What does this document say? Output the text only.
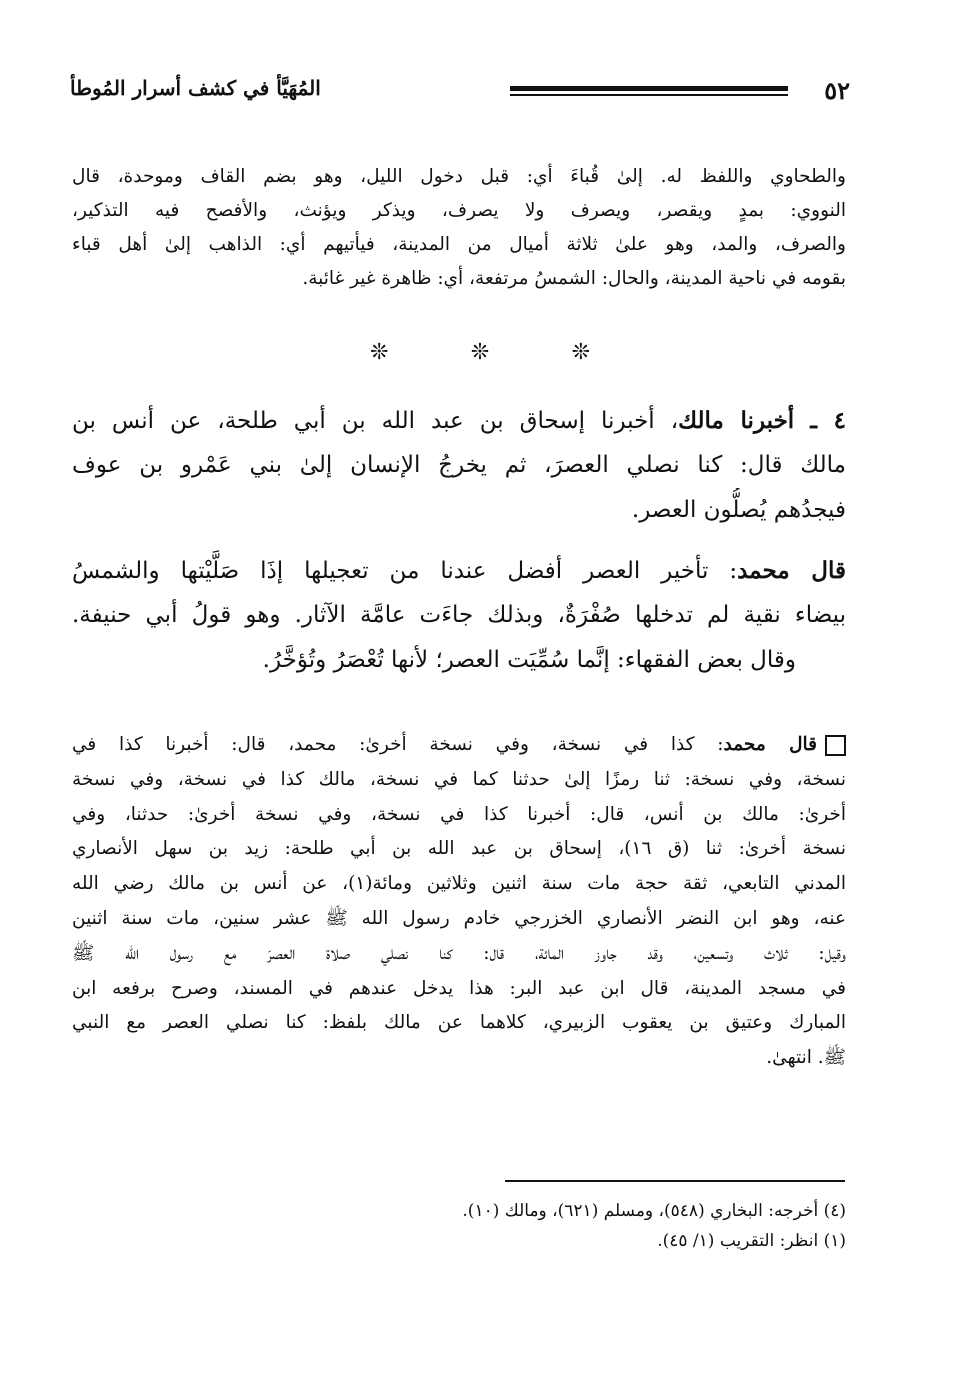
٥٢
المُهَيَّأ في كشف أسرار المُوطأ
والطحاوي واللفظ له. إلىٰ قُباءَ أي: قبل دخول الليل، وهو بضم القاف وموحدة، قال
النووي: بمدٍ ويقصر، ويصرف ولا يصرف، ويذكر ويؤنث، والأفصح فيه التذكير،
والصرف، والمد، وهو علىٰ ثلاثة أميال من المدينة، فيأتيهم أي: الذاهب إلىٰ أهل قباء
بقومه في ناحية المدينة، والحال: الشمسُ مرتفعة، أي: ظاهرة غير غائبة.
❊	❊	❊
٤ ـ أخبرنا مالك، أخبرنا إسحاق بن عبد الله بن أبي طلحة، عن أنس بن
مالك قال: كنا نصلي العصرَ، ثم يخرجُ الإنسان إلىٰ بني عَمْرو بن عوف
فيجدُهم يُصلُّون العصر.
قال محمد: تأخير العصر أفضل عندنا من تعجيلها إذَا صَلَّيْتها والشمسُ
بيضاء نقية لم تدخلها صُفْرَةٌ، وبذلك جاءَت عامَّة الآثار. وهو قولُ أبي حنيفة.
وقال بعض الفقهاء: إنَّما سُمِّيَت العصر؛ لأنها تُعْصَرُ وتُؤخَّرُ.
قال محمد: كذا في نسخة، وفي نسخة أخرىٰ: محمد، قال: أخبرنا كذا في
نسخة، وفي نسخة: ثنا رمزًا إلىٰ حدثنا كما في نسخة، مالك كذا في نسخة، وفي نسخة
أخرىٰ: مالك بن أنس، قال: أخبرنا كذا في نسخة، وفي نسخة أخرىٰ: حدثنا، وفي
نسخة أخرىٰ: ثنا (ق ١٦)، إسحاق بن عبد الله بن أبي طلحة: زيد بن سهل الأنصاري
المدني التابعي، ثقة حجة مات سنة اثنين وثلاثين ومائة(١)، عن أنس بن مالك رضي الله
عنه، وهو ابن النضر الأنصاري الخزرجي خادم رسول الله ﷺ عشر سنين، مات سنة اثنين
وقيل: ثلاث وتسعين، وقد جاوز المائة، قال: كنا نصلي صلاة العصرَ مع رسول الله ﷺ
في مسجد المدينة، قال ابن عبد البر: هذا يدخل عندهم في المسند، وصرح برفعه ابن
المبارك وعتيق بن يعقوب الزبيري، كلاهما عن مالك بلفظ: كنا نصلي العصر مع النبي
ﷺ. انتهىٰ.
(٤) أخرجه: البخاري (٥٤٨)، ومسلم (٦٢١)، ومالك (١٠).
(١) انظر: التقريب (١/ ٤٥).
